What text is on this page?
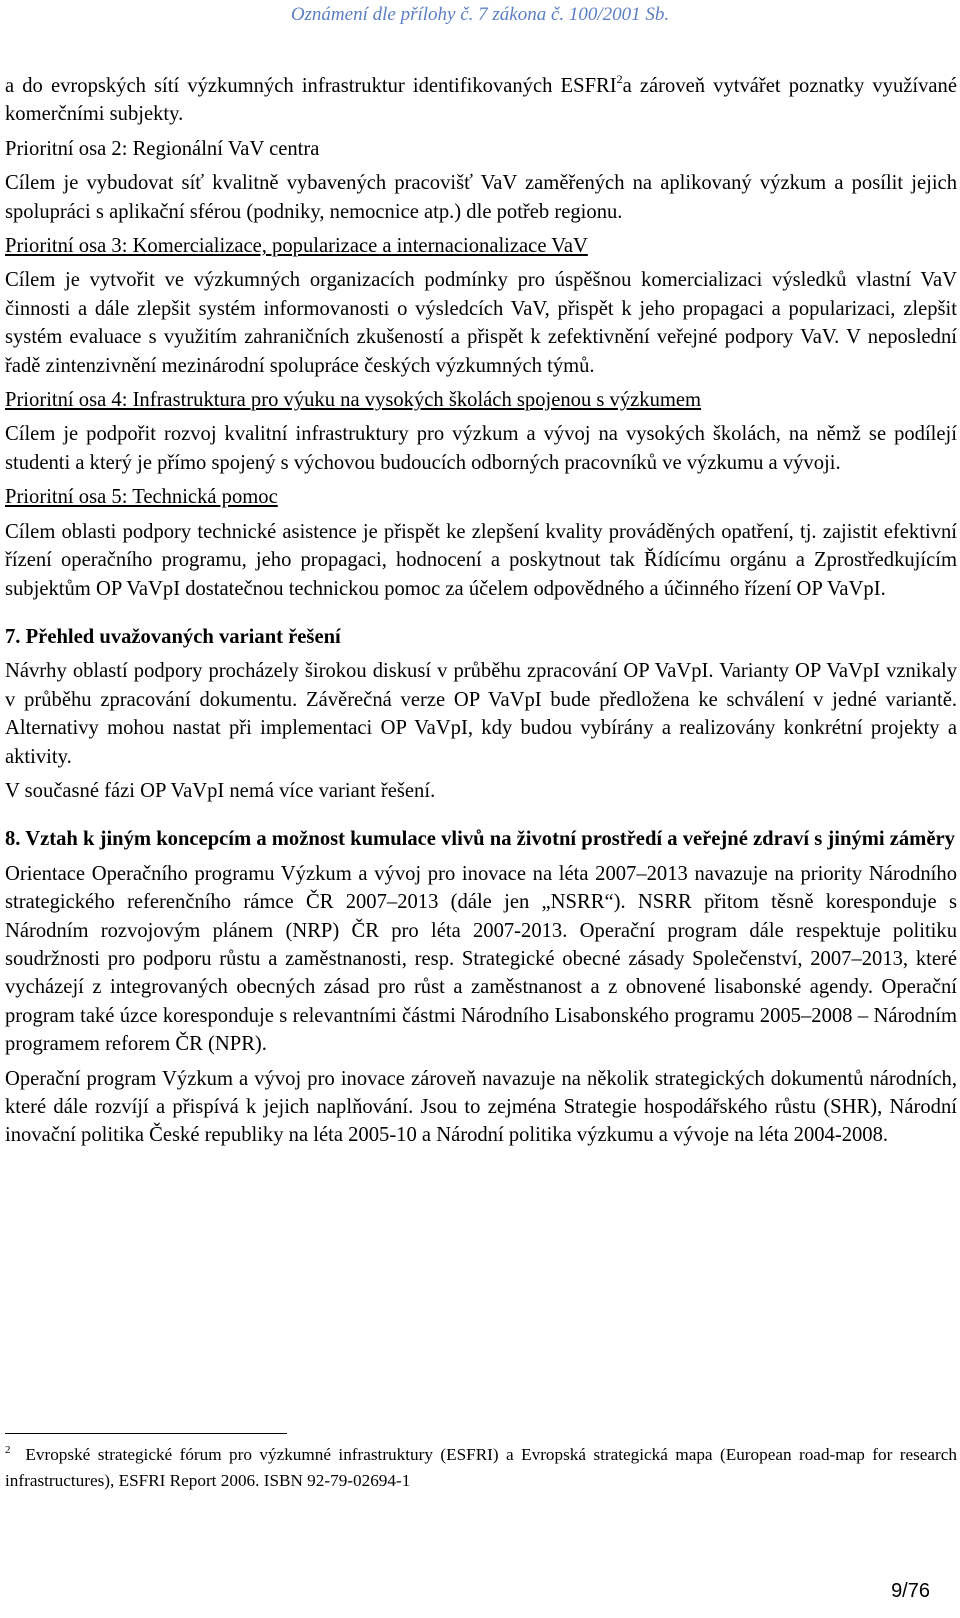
Oznámení dle přílohy č. 7 zákona č. 100/2001 Sb.

a do evropských sítí výzkumných infrastruktur identifikovaných ESFRI$^2$a zároveň vytvářet poznatky využívané komerčními subjekty.

Prioritní osa 2: Regionální VaV centra

Cílem je vybudovat síť kvalitně vybavených pracovišť VaV zaměřených na aplikovaný výzkum a posílit jejich spolupráci s aplikační sférou (podniky, nemocnice atp.) dle potřeb regionu.

Prioritní osa 3: Komercializace, popularizace a internacionalizace VaV

Cílem je vytvořit ve výzkumných organizacích podmínky pro úspěšnou komercializaci výsledků vlastní VaV činnosti a dále zlepšit systém informovanosti o výsledcích VaV, přispět k jeho propagaci a popularizaci, zlepšit systém evaluace s využitím zahraničních zkušeností a přispět k zefektivnění veřejné podpory VaV. V neposlední řadě zintenzivnění mezinárodní spolupráce českých výzkumných týmů.

Prioritní osa 4: Infrastruktura pro výuku na vysokých školách spojenou s výzkumem

Cílem je podpořit rozvoj kvalitní infrastruktury pro výzkum a vývoj na vysokých školách, na němž se podílejí studenti a který je přímo spojený s výchovou budoucích odborných pracovníků ve výzkumu a vývoji.

Prioritní osa 5: Technická pomoc

Cílem oblasti podpory technické asistence je přispět ke zlepšení kvality prováděných opatření, tj. zajistit efektivní řízení operačního programu, jeho propagaci, hodnocení a poskytnout tak Řídícímu orgánu a Zprostředkujícím subjektům OP VaVpI dostatečnou technickou pomoc za účelem odpovědného a účinného řízení OP VaVpI.

7. Přehled uvažovaných variant řešení

Návrhy oblastí podpory procházely širokou diskusí v průběhu zpracování OP VaVpI. Varianty OP VaVpI vznikaly v průběhu zpracování dokumentu. Závěrečná verze OP VaVpI bude předložena ke schválení v jedné variantě. Alternativy mohou nastat při implementaci OP VaVpI, kdy budou vybírány a realizovány konkrétní projekty a aktivity.

V současné fázi OP VaVpI nemá více variant řešení.

8. Vztah k jiným koncepcím a možnost kumulace vlivů na životní prostředí a veřejné zdraví s jinými záměry

Orientace Operačního programu Výzkum a vývoj pro inovace na léta 2007–2013 navazuje na priority Národního strategického referenčního rámce ČR 2007–2013 (dále jen „NSRR“). NSRR přitom těsně koresponduje s Národním rozvojovým plánem (NRP) ČR pro léta 2007-2013. Operační program dále respektuje politiku soudržnosti pro podporu růstu a zaměstnanosti, resp. Strategické obecné zásady Společenství, 2007–2013, které vycházejí z integrovaných obecných zásad pro růst a zaměstnanost a z obnovené lisabonské agendy. Operační program také úzce koresponduje s relevantními částmi Národního Lisabonského programu 2005–2008 – Národním programem reforem ČR (NPR).

Operační program Výzkum a vývoj pro inovace zároveň navazuje na několik strategických dokumentů národních, které dále rozvíjí a přispívá k jejich naplňování. Jsou to zejména Strategie hospodářského růstu (SHR), Národní inovační politika České republiky na léta 2005-10 a Národní politika výzkumu a vývoje na léta 2004-2008.

$^2$ Evropské strategické fórum pro výzkumné infrastruktury (ESFRI) a Evropská strategická mapa (European road-map for research infrastructures), ESFRI Report 2006. ISBN 92-79-02694-1
9/76
